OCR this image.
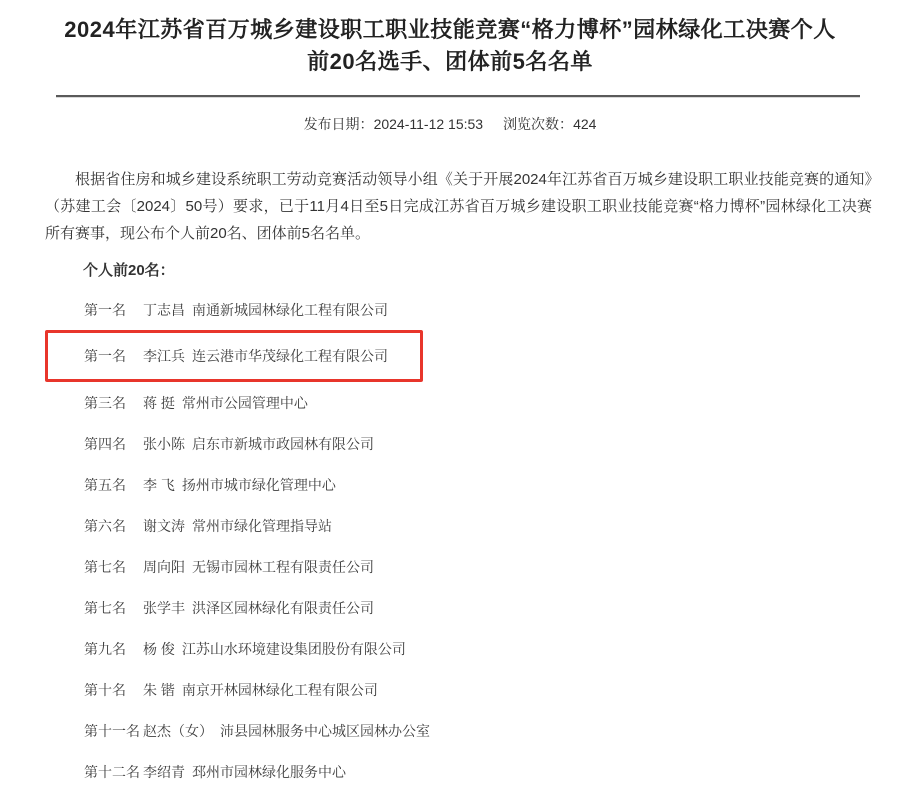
2024年江苏省百万城乡建设职工职业技能竞赛“格力博杯”园林绿化工决赛个人前20名选手、团体前5名名单
发布日期：2024-11-12 15:53 浏览次数：424

根据省住房和城乡建设系统职工劳动竞赛活动领导小组《关于开展2024年江苏省百万城乡建设职工职业技能竞赛的通知》（苏建工会〔2024〕50号）要求，已于11月4日至5日完成江苏省百万城乡建设职工职业技能竞赛“格力博杯”园林绿化工决赛所有赛事，现公布个人前20名、团体前5名名单。

个人前20名：
第一名	丁志昌 南通新城园林绿化工程有限公司
第一名	李江兵 连云港市华茂绿化工程有限公司
第三名	蒋 挺 常州市公园管理中心
第四名	张小陈 启东市新城市政园林有限公司
第五名	李 飞 扬州市城市绿化管理中心
第六名	谢文涛 常州市绿化管理指导站
第七名	周向阳 无锡市园林工程有限责任公司
第七名	张学丰 洪泽区园林绿化有限责任公司
第九名	杨 俊 江苏山水环境建设集团股份有限公司
第十名	朱 锴 南京开林园林绿化工程有限公司
第十一名 赵杰（女） 沛县园林服务中心城区园林办公室
第十二名 李绍青 邳州市园林绿化服务中心
